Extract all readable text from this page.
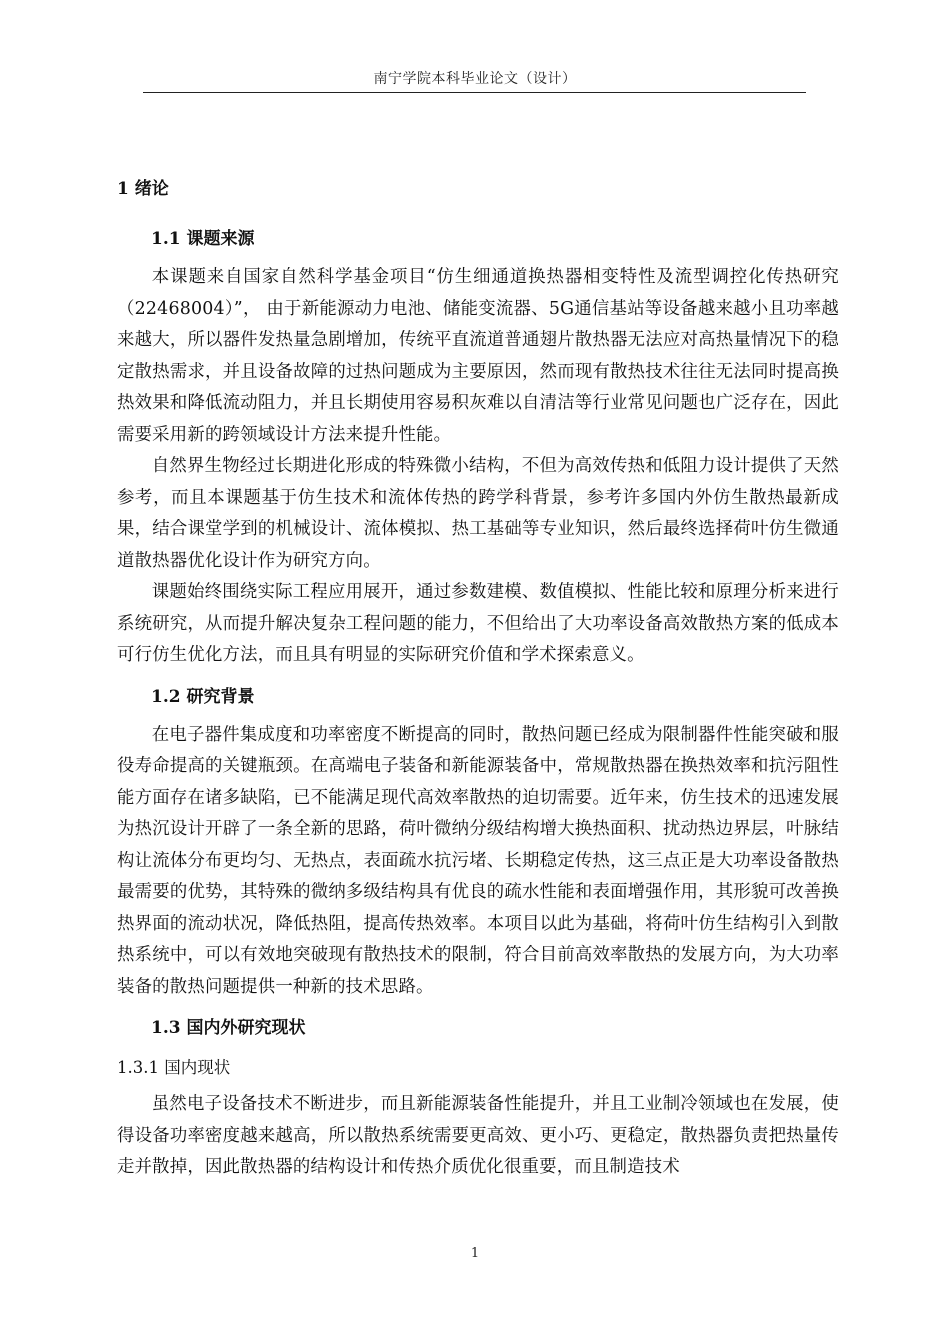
南宁学院本科毕业论文（设计）
1 绪论
1.1 课题来源

本课题来自国家自然科学基金项目“仿生细通道换热器相变特性及流型调控化传热研究（22468004）”， 由于新能源动力电池、储能变流器、5G通信基站等设备越来越小且功率越来越大，所以器件发热量急剧增加，传统平直流道普通翅片散热器无法应对高热量情况下的稳定散热需求，并且设备故障的过热问题成为主要原因，然而现有散热技术往往无法同时提高换热效果和降低流动阻力，并且长期使用容易积灰难以自清洁等行业常见问题也广泛存在，因此需要采用新的跨领域设计方法来提升性能。

自然界生物经过长期进化形成的特殊微小结构，不但为高效传热和低阻力设计提供了天然参考，而且本课题基于仿生技术和流体传热的跨学科背景，参考许多国内外仿生散热最新成果，结合课堂学到的机械设计、流体模拟、热工基础等专业知识，然后最终选择荷叶仿生微通道散热器优化设计作为研究方向。

课题始终围绕实际工程应用展开，通过参数建模、数值模拟、性能比较和原理分析来进行系统研究，从而提升解决复杂工程问题的能力，不但给出了大功率设备高效散热方案的低成本可行仿生优化方法，而且具有明显的实际研究价值和学术探索意义。

1.2 研究背景

在电子器件集成度和功率密度不断提高的同时，散热问题已经成为限制器件性能突破和服役寿命提高的关键瓶颈。在高端电子装备和新能源装备中，常规散热器在换热效率和抗污阻性能方面存在诸多缺陷，已不能满足现代高效率散热的迫切需要。近年来，仿生技术的迅速发展为热沉设计开辟了一条全新的思路，荷叶微纳分级结构增大换热面积、扰动热边界层，叶脉结构让流体分布更均匀、无热点，表面疏水抗污堵、长期稳定传热，这三点正是大功率设备散热最需要的优势，其特殊的微纳多级结构具有优良的疏水性能和表面增强作用，其形貌可改善换热界面的流动状况，降低热阻，提高传热效率。本项目以此为基础，将荷叶仿生结构引入到散热系统中，可以有效地突破现有散热技术的限制，符合目前高效率散热的发展方向，为大功率装备的散热问题提供一种新的技术思路。

1.3 国内外研究现状
1.3.1 国内现状

虽然电子设备技术不断进步，而且新能源装备性能提升，并且工业制冷领域也在发展，使得设备功率密度越来越高，所以散热系统需要更高效、更小巧、更稳定，散热器负责把热量传走并散掉，因此散热器的结构设计和传热介质优化很重要，而且制造技术

1
